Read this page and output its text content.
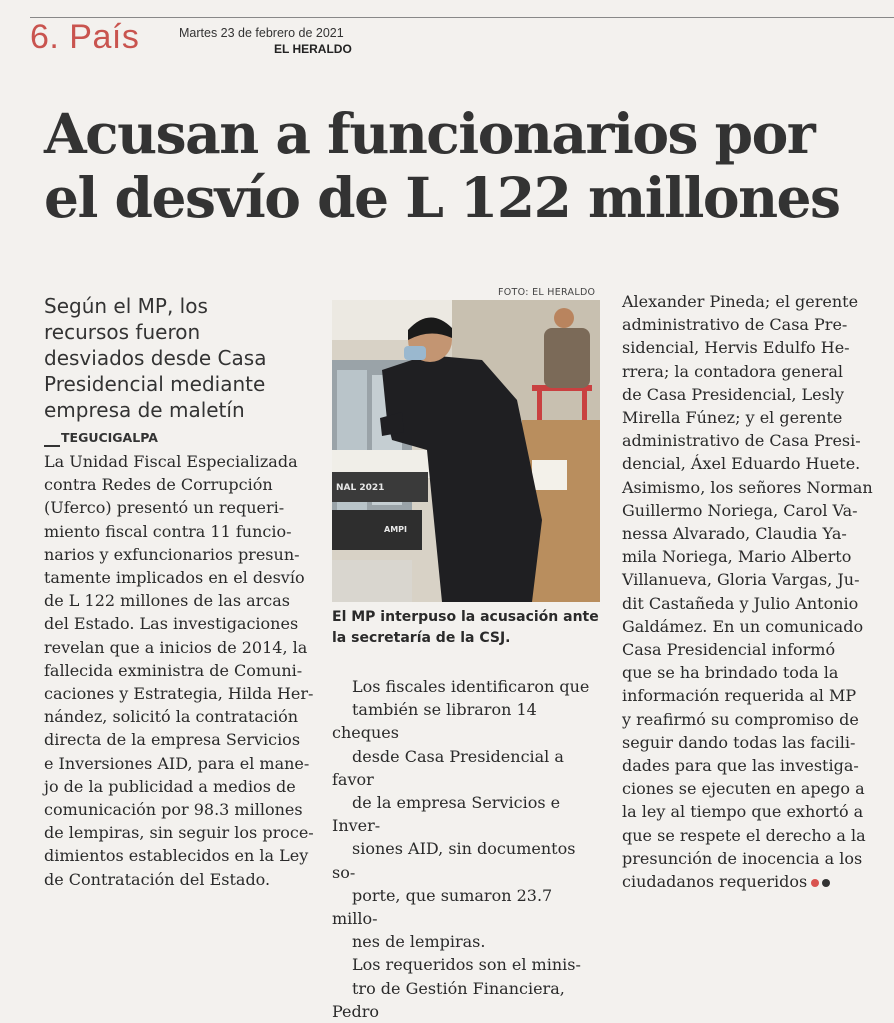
6. País	Martes 23 de febrero de 2021
EL HERALDO
Acusan a funcionarios por
el desvío de L 122 millones
Según el MP, los
recursos fueron
desviados desde Casa
Presidencial mediante
empresa de maletín
TEGUCIGALPA
La Unidad Fiscal Especializada
contra Redes de Corrupción
(Uferco) presentó un requeri-
miento fiscal contra 11 funcio-
narios y exfuncionarios presun-
tamente implicados en el desvío
de L 122 millones de las arcas
del Estado. Las investigaciones
revelan que a inicios de 2014, la
fallecida exministra de Comuni-
caciones y Estrategia, Hilda Her-
nández, solicitó la contratación
directa de la empresa Servicios
e Inversiones AID, para el mane-
jo de la publicidad a medios de
comunicación por 98.3 millones
de lempiras, sin seguir los proce-
dimientos establecidos en la Ley
de Contratación del Estado.
FOTO: EL HERALDO
NAL 2021
AMPI
El MP interpuso la acusación ante la secretaría de la CSJ.

Los fiscales identificaron que
también se libraron 14 cheques
desde Casa Presidencial a favor
de la empresa Servicios e Inver-
siones AID, sin documentos so-
porte, que sumaron 23.7 millo-
nes de lempiras.

Los requeridos son el minis-
tro de Gestión Financiera, Pedro

Alexander Pineda; el gerente
administrativo de Casa Pre-
sidencial, Hervis Edulfo He-
rrera; la contadora general
de Casa Presidencial, Lesly
Mirella Fúnez; y el gerente
administrativo de Casa Presi-
dencial, Áxel Eduardo Huete.
Asimismo, los señores Norman
Guillermo Noriega, Carol Va-
nessa Alvarado, Claudia Ya-
mila Noriega, Mario Alberto
Villanueva, Gloria Vargas, Ju-
dit Castañeda y Julio Antonio
Galdámez. En un comunicado
Casa Presidencial informó
que se ha brindado toda la
información requerida al MP
y reafirmó su compromiso de
seguir dando todas las facili-
dades para que las investiga-
ciones se ejecuten en apego a
la ley al tiempo que exhortó a
que se respete el derecho a la
presunción de inocencia a los
ciudadanos requeridos
